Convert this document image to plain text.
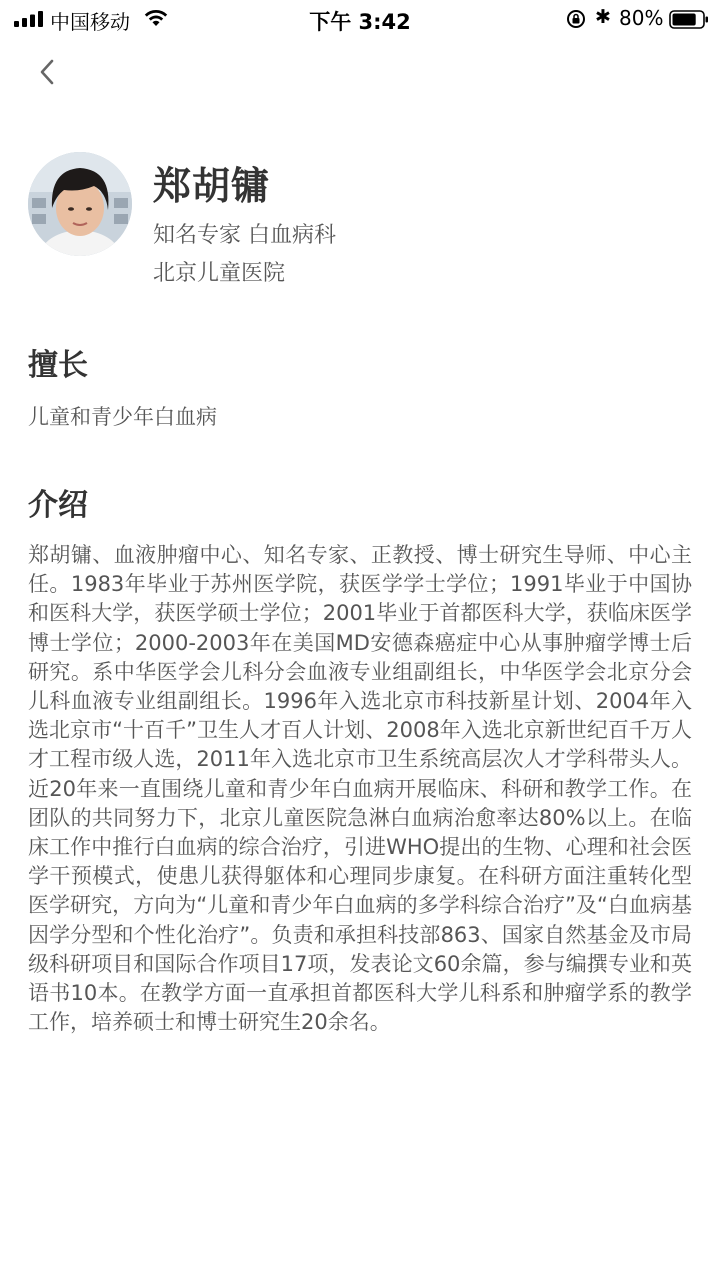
中国移动	下午 3:42	✱ 80%
郑胡镛
知名专家 白血病科
北京儿童医院
擅长
儿童和青少年白血病
介绍
郑胡镛、血液肿瘤中心、知名专家、正教授、博士研究生导师、中心主任。1983年毕业于苏州医学院，获医学学士学位；1991毕业于中国协和医科大学，获医学硕士学位；2001毕业于首都医科大学，获临床医学博士学位；2000-2003年在美国MD安德森癌症中心从事肿瘤学博士后研究。系中华医学会儿科分会血液专业组副组长，中华医学会北京分会儿科血液专业组副组长。1996年入选北京市科技新星计划、2004年入选北京市“十百千”卫生人才百人计划、2008年入选北京新世纪百千万人才工程市级人选，2011年入选北京市卫生系统高层次人才学科带头人。近20年来一直围绕儿童和青少年白血病开展临床、科研和教学工作。在团队的共同努力下，北京儿童医院急淋白血病治愈率达80%以上。在临床工作中推行白血病的综合治疗，引进WHO提出的生物、心理和社会医学干预模式，使患儿获得躯体和心理同步康复。在科研方面注重转化型医学研究，方向为“儿童和青少年白血病的多学科综合治疗”及“白血病基因学分型和个性化治疗”。负责和承担科技部863、国家自然基金及市局级科研项目和国际合作项目17项，发表论文60余篇，参与编撰专业和英语书10本。在教学方面一直承担首都医科大学儿科系和肿瘤学系的教学工作，培养硕士和博士研究生20余名。
